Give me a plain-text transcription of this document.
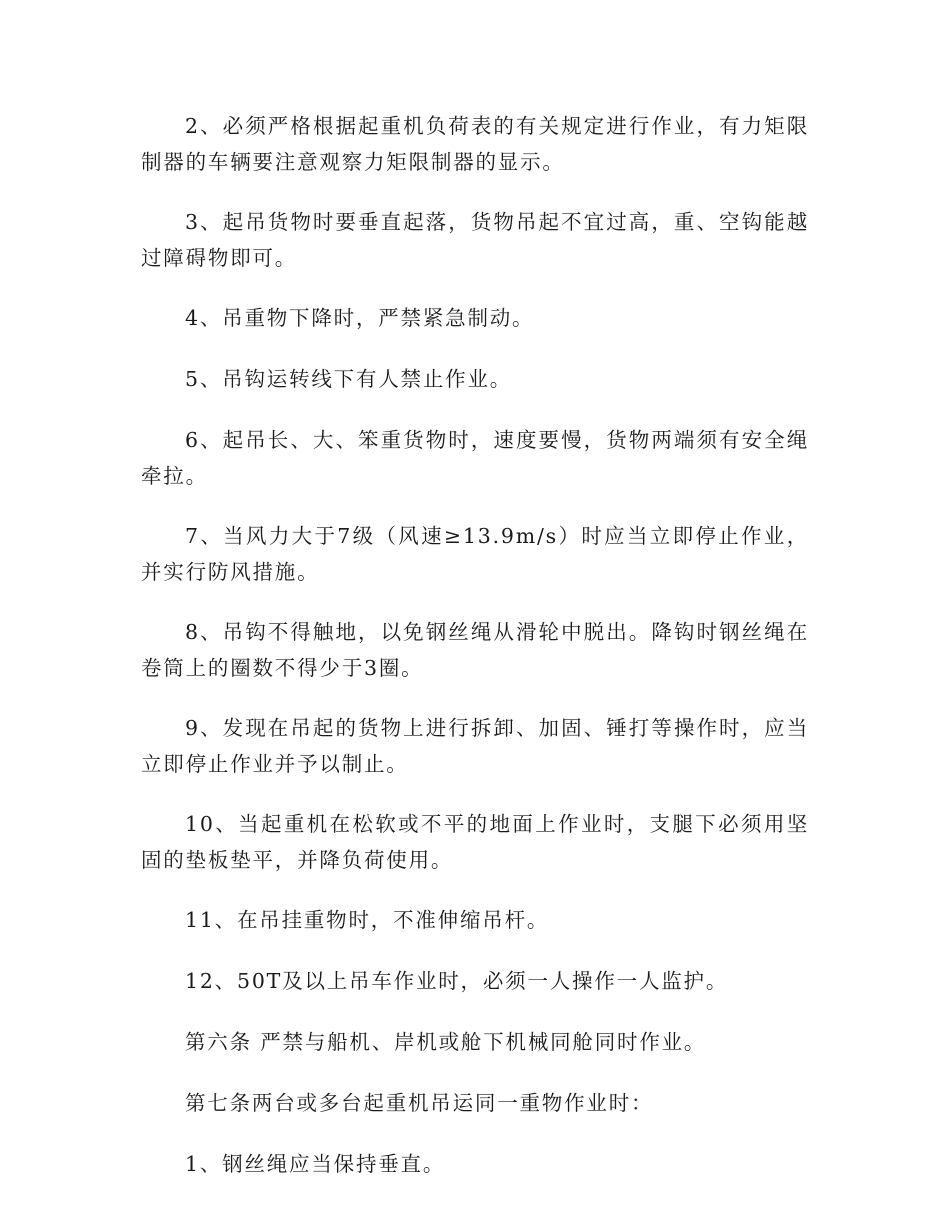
2、必须严格根据起重机负荷表的有关规定进行作业，有力矩限制器的车辆要注意观察力矩限制器的显示。

3、起吊货物时要垂直起落，货物吊起不宜过高，重、空钩能越过障碍物即可。

4、吊重物下降时，严禁紧急制动。

5、吊钩运转线下有人禁止作业。

6、起吊长、大、笨重货物时，速度要慢，货物两端须有安全绳牵拉。

7、当风力大于7级（风速≥13.9m/s）时应当立即停止作业，并实行防风措施。

8、吊钩不得触地，以免钢丝绳从滑轮中脱出。降钩时钢丝绳在卷筒上的圈数不得少于3圈。

9、发现在吊起的货物上进行拆卸、加固、锤打等操作时，应当立即停止作业并予以制止。

10、当起重机在松软或不平的地面上作业时，支腿下必须用坚固的垫板垫平，并降负荷使用。

11、在吊挂重物时，不准伸缩吊杆。

12、50T及以上吊车作业时，必须一人操作一人监护。

第六条 严禁与船机、岸机或舱下机械同舱同时作业。

第七条两台或多台起重机吊运同一重物作业时：

1、钢丝绳应当保持垂直。
